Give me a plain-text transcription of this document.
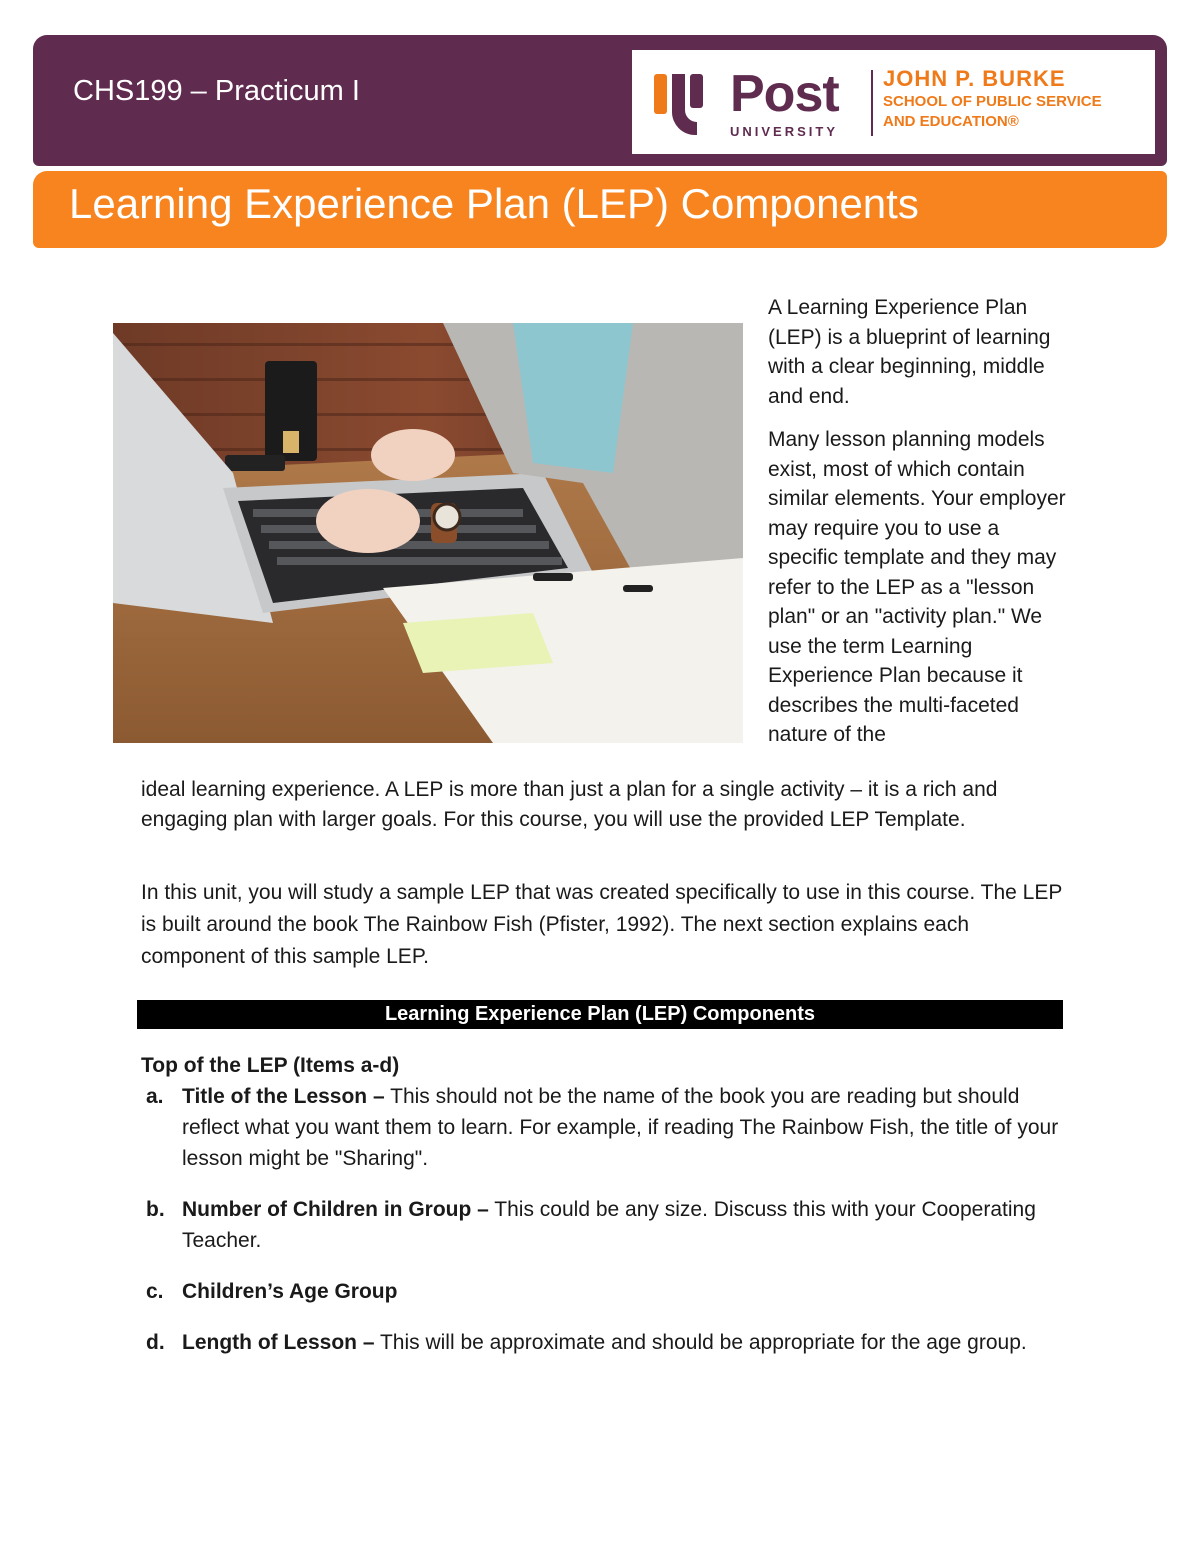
CHS199 – Practicum I	Post
UNIVERSITY
JOHN P. BURKE
SCHOOL OF PUBLIC SERVICE
AND EDUCATION®
Learning Experience Plan (LEP) Components

A Learning Experience Plan (LEP) is a blueprint of learning with a clear beginning, middle and end.

Many lesson planning models exist, most of which contain similar elements. Your employer may require you to use a specific template and they may refer to the LEP as a "lesson plan" or an "activity plan." We use the term Learning Experience Plan because it describes the multi-faceted nature of the

ideal learning experience. A LEP is more than just a plan for a single activity – it is a rich and engaging plan with larger goals. For this course, you will use the provided LEP Template.

In this unit, you will study a sample LEP that was created specifically to use in this course. The LEP is built around the book The Rainbow Fish (Pfister, 1992). The next section explains each component of this sample LEP.

Learning Experience Plan (LEP) Components
Top of the LEP (Items a-d)
a. Title of the Lesson – This should not be the name of the book you are reading but should reflect what you want them to learn. For example, if reading The Rainbow Fish, the title of your lesson might be "Sharing".
b. Number of Children in Group – This could be any size. Discuss this with your Cooperating Teacher.
c. Children’s Age Group
d. Length of Lesson – This will be approximate and should be appropriate for the age group.
